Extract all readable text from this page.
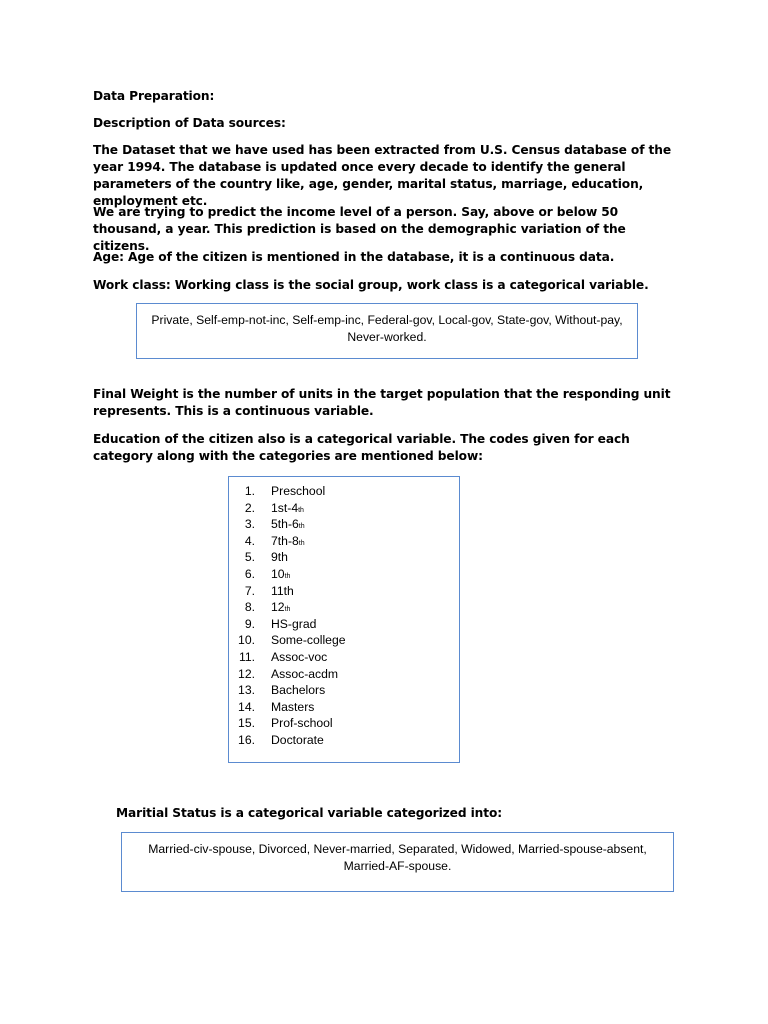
Data Preparation:

Description of Data sources:

The Dataset that we have used has been extracted from U.S. Census database of the year 1994. The database is updated once every decade to identify the general parameters of the country like, age, gender, marital status, marriage, education, employment etc.

We are trying to predict the income level of a person. Say, above or below 50 thousand, a year. This prediction is based on the demographic variation of the citizens.

Age: Age of the citizen is mentioned in the database, it is a continuous data.

Work class: Working class is the social group, work class is a categorical variable.

Private, Self-emp-not-inc, Self-emp-inc, Federal-gov, Local-gov, State-gov, Without-pay, Never-worked.

Final Weight is the number of units in the target population that the responding unit represents. This is a continuous variable.

Education of the citizen also is a categorical variable. The codes given for each category along with the categories are mentioned below:

1.	Preschool
2.	1st-4 th
3.	5th-6 th
4.	7th-8 th
5.	9th
6.	10 th
7.	11th
8.	12 th
9.	HS-grad
10.	Some-college
11.	Assoc-voc
12.	Assoc-acdm
13.	Bachelors
14.	Masters
15.	Prof-school
16.	Doctorate

Maritial Status is a categorical variable categorized into:

Married-civ-spouse, Divorced, Never-married, Separated, Widowed, Married-spouse-absent, Married-AF-spouse.
